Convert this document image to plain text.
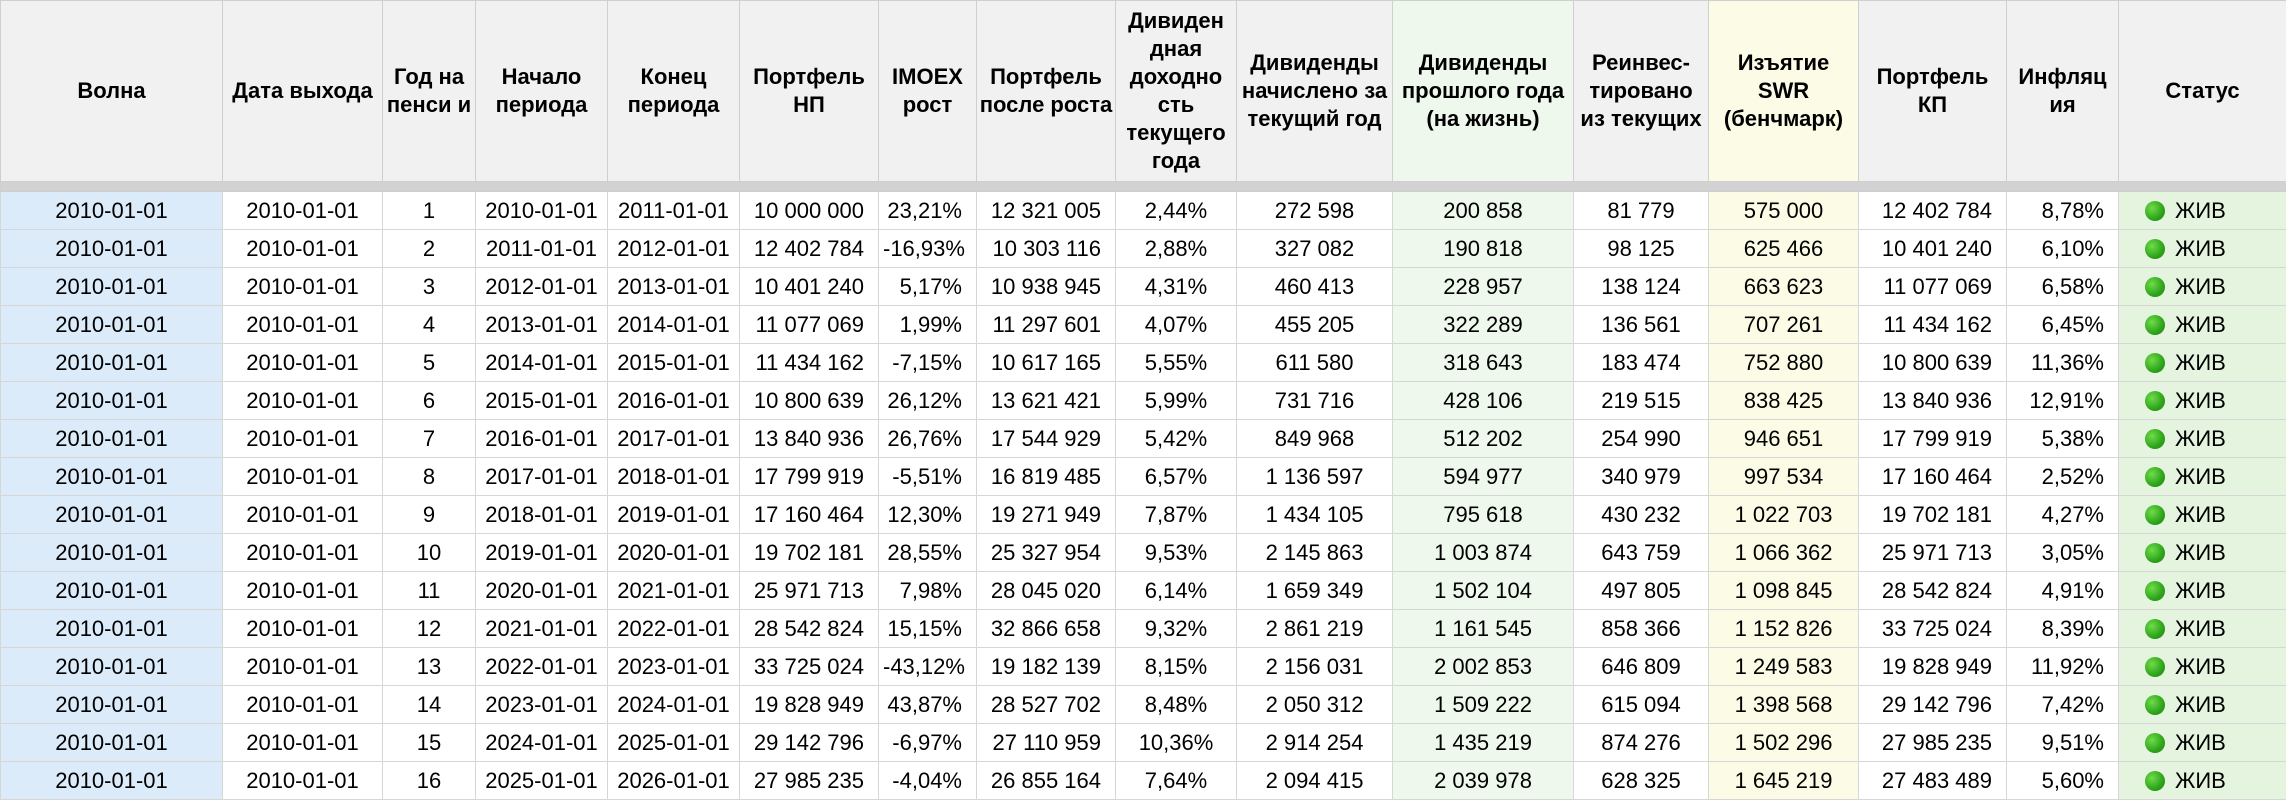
Волна	Дата выхода	Год на пенси и	Начало периода	Конец периода	Портфель НП	IMOEX рост	Портфель после роста	Дивиден дная доходно сть текущего года	Дивиденды начислено за текущий год	Дивиденды прошлого года (на жизнь)	Реинвес- тировано из текущих	Изъятие SWR (бенчмарк)	Портфель КП	Инфляц ия	Статус

2010-01-01	2010-01-01	1	2010-01-01	2011-01-01	10 000 000	23,21%	12 321 005	2,44%	272 598	200 858	81 779	575 000	12 402 784	8,78%	ЖИВ
2010-01-01	2010-01-01	2	2011-01-01	2012-01-01	12 402 784	-16,93%	10 303 116	2,88%	327 082	190 818	98 125	625 466	10 401 240	6,10%	ЖИВ
2010-01-01	2010-01-01	3	2012-01-01	2013-01-01	10 401 240	5,17%	10 938 945	4,31%	460 413	228 957	138 124	663 623	11 077 069	6,58%	ЖИВ
2010-01-01	2010-01-01	4	2013-01-01	2014-01-01	11 077 069	1,99%	11 297 601	4,07%	455 205	322 289	136 561	707 261	11 434 162	6,45%	ЖИВ
2010-01-01	2010-01-01	5	2014-01-01	2015-01-01	11 434 162	-7,15%	10 617 165	5,55%	611 580	318 643	183 474	752 880	10 800 639	11,36%	ЖИВ
2010-01-01	2010-01-01	6	2015-01-01	2016-01-01	10 800 639	26,12%	13 621 421	5,99%	731 716	428 106	219 515	838 425	13 840 936	12,91%	ЖИВ
2010-01-01	2010-01-01	7	2016-01-01	2017-01-01	13 840 936	26,76%	17 544 929	5,42%	849 968	512 202	254 990	946 651	17 799 919	5,38%	ЖИВ
2010-01-01	2010-01-01	8	2017-01-01	2018-01-01	17 799 919	-5,51%	16 819 485	6,57%	1 136 597	594 977	340 979	997 534	17 160 464	2,52%	ЖИВ
2010-01-01	2010-01-01	9	2018-01-01	2019-01-01	17 160 464	12,30%	19 271 949	7,87%	1 434 105	795 618	430 232	1 022 703	19 702 181	4,27%	ЖИВ
2010-01-01	2010-01-01	10	2019-01-01	2020-01-01	19 702 181	28,55%	25 327 954	9,53%	2 145 863	1 003 874	643 759	1 066 362	25 971 713	3,05%	ЖИВ
2010-01-01	2010-01-01	11	2020-01-01	2021-01-01	25 971 713	7,98%	28 045 020	6,14%	1 659 349	1 502 104	497 805	1 098 845	28 542 824	4,91%	ЖИВ
2010-01-01	2010-01-01	12	2021-01-01	2022-01-01	28 542 824	15,15%	32 866 658	9,32%	2 861 219	1 161 545	858 366	1 152 826	33 725 024	8,39%	ЖИВ
2010-01-01	2010-01-01	13	2022-01-01	2023-01-01	33 725 024	-43,12%	19 182 139	8,15%	2 156 031	2 002 853	646 809	1 249 583	19 828 949	11,92%	ЖИВ
2010-01-01	2010-01-01	14	2023-01-01	2024-01-01	19 828 949	43,87%	28 527 702	8,48%	2 050 312	1 509 222	615 094	1 398 568	29 142 796	7,42%	ЖИВ
2010-01-01	2010-01-01	15	2024-01-01	2025-01-01	29 142 796	-6,97%	27 110 959	10,36%	2 914 254	1 435 219	874 276	1 502 296	27 985 235	9,51%	ЖИВ
2010-01-01	2010-01-01	16	2025-01-01	2026-01-01	27 985 235	-4,04%	26 855 164	7,64%	2 094 415	2 039 978	628 325	1 645 219	27 483 489	5,60%	ЖИВ
